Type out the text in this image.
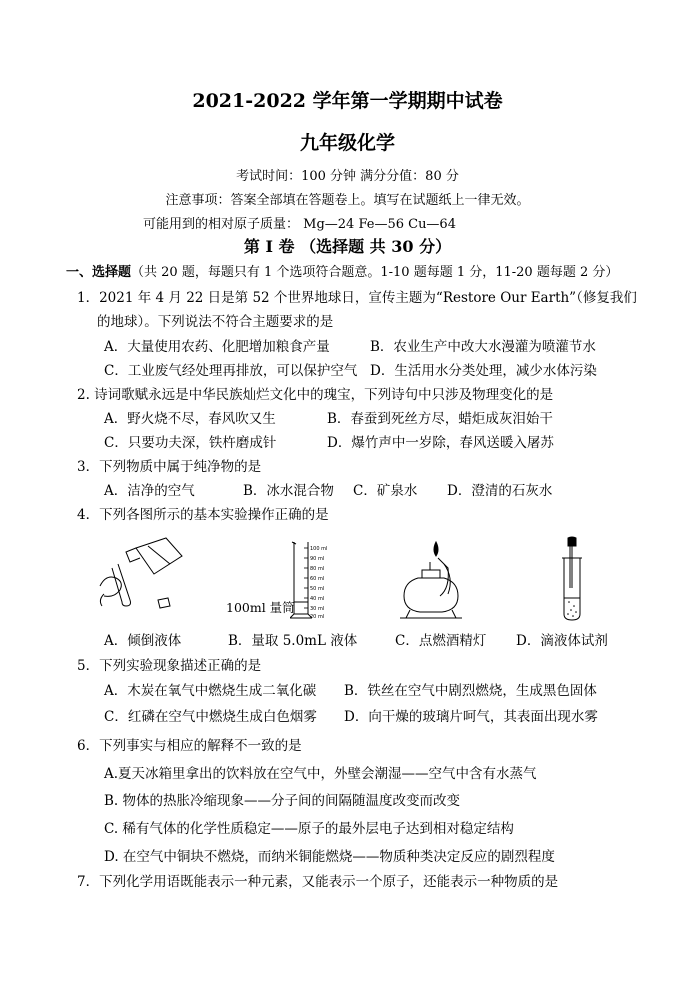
2021-2022 学年第一学期期中试卷
九年级化学
考试时间：100 分钟 满分分值：80 分
注意事项：答案全部填在答题卷上。填写在试题纸上一律无效。
可能用到的相对原子质量： Mg—24 Fe—56 Cu—64
第 I 卷 （选择题 共 30 分）
一、选择题（共 20 题，每题只有 1 个选项符合题意。1-10 题每题 1 分，11-20 题每题 2 分）
1．2021 年 4 月 22 日是第 52 个世界地球日，宣传主题为“Restore Our Earth”（修复我们
的地球）。下列说法不符合主题要求的是
A．大量使用农药、化肥增加粮食产量	B．农业生产中改大水漫灌为喷灌节水
C．工业废气经处理再排放，可以保护空气 D．生活用水分类处理，减少水体污染
2. 诗词歌赋永远是中华民族灿烂文化中的瑰宝，下列诗句中只涉及物理变化的是
A．野火烧不尽，春风吹又生	B．春蚕到死丝方尽，蜡炬成灰泪始干
C．只要功夫深，铁杵磨成针	D．爆竹声中一岁除，春风送暖入屠苏
3．下列物质中属于纯净物的是
A．洁净的空气	B．冰水混合物 C．矿泉水 D．澄清的石灰水
4．下列各图所示的基本实验操作正确的是
100ml 量筒
100 ml
90 ml
80 ml
60 ml
50 ml
40 ml
30 ml
20 ml
A．倾倒液体	B．量取 5.0mL 液体	C．点燃酒精灯 D．滴液体试剂
5．下列实验现象描述正确的是
A．木炭在氧气中燃烧生成二氧化碳 B．铁丝在空气中剧烈燃烧，生成黑色固体
C．红磷在空气中燃烧生成白色烟雾 D．向干燥的玻璃片呵气，其表面出现水雾
6．下列事实与相应的解释不一致的是
A.夏天冰箱里拿出的饮料放在空气中，外壁会潮湿——空气中含有水蒸气
B. 物体的热胀冷缩现象——分子间的间隔随温度改变而改变
C. 稀有气体的化学性质稳定——原子的最外层电子达到相对稳定结构
D. 在空气中铜块不燃烧，而纳米铜能燃烧——物质种类决定反应的剧烈程度
7．下列化学用语既能表示一种元素，又能表示一个原子，还能表示一种物质的是
